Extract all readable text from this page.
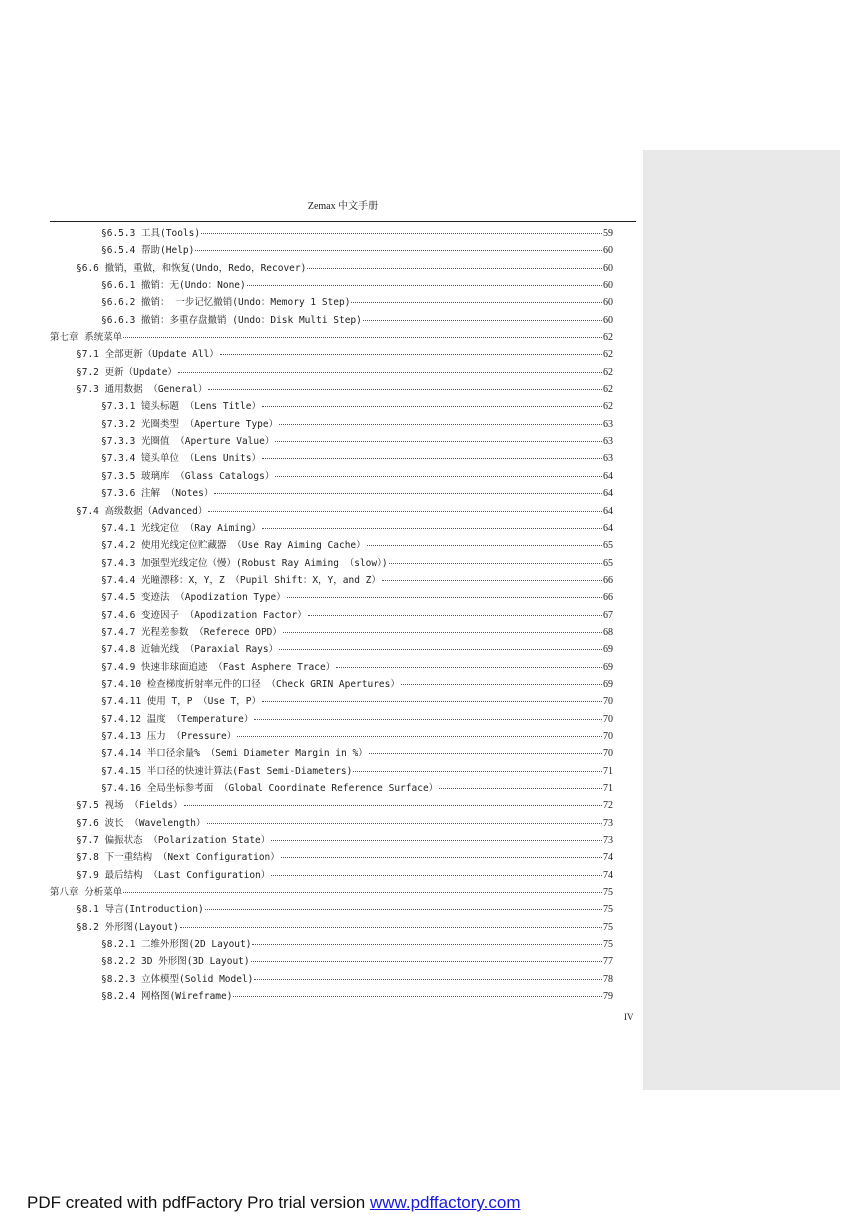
Zemax 中文手册
§6.5.3 工具(Tools)	59
§6.5.4 帮助(Help)	60
§6.6 撤销，重做，和恢复(Undo，Redo，Recover)	60
§6.6.1 撤销：无(Undo：None)	60
§6.6.2 撤销： 一步记忆撤销(Undo：Memory 1 Step)	60
§6.6.3 撤销：多重存盘撤销 (Undo：Disk Multi Step)	60
第七章 系统菜单	62
§7.1 全部更新（Update All）	62
§7.2 更新（Update）	62
§7.3 通用数据 （General）	62
§7.3.1 镜头标题 （Lens Title）	62
§7.3.2 光圈类型 （Aperture Type）	63
§7.3.3 光圈值 （Aperture Value）	63
§7.3.4 镜头单位 （Lens Units）	63
§7.3.5 玻璃库 （Glass Catalogs）	64
§7.3.6 注解 （Notes）	64
§7.4 高级数据（Advanced）	64
§7.4.1 光线定位 （Ray Aiming）	64
§7.4.2 使用光线定位贮藏器 （Use Ray Aiming Cache）	65
§7.4.3 加强型光线定位（慢）(Robust Ray Aiming （slow）)	65
§7.4.4 光瞳漂移：X，Y，Z （Pupil Shift：X，Y，and Z）	66
§7.4.5 变迹法 （Apodization Type）	66
§7.4.6 变迹因子 （Apodization Factor）	67
§7.4.7 光程差参数 （Referece OPD）	68
§7.4.8 近轴光线 （Paraxial Rays）	69
§7.4.9 快速非球面追迹 （Fast Asphere Trace）	69
§7.4.10 检查梯度折射率元件的口径 （Check GRIN Apertures）	69
§7.4.11 使用 T，P （Use T，P）	70
§7.4.12 温度 （Temperature）	70
§7.4.13 压力 （Pressure）	70
§7.4.14 半口径余量% （Semi Diameter Margin in %）	70
§7.4.15 半口径的快速计算法(Fast Semi-Diameters)	71
§7.4.16 全局坐标参考面 （Global Coordinate Reference Surface）	71
§7.5 视场 （Fields）	72
§7.6 波长 （Wavelength）	73
§7.7 偏振状态 （Polarization State）	73
§7.8 下一重结构 （Next Configuration）	74
§7.9 最后结构 （Last Configuration）	74
第八章 分析菜单	75
§8.1 导言(Introduction)	75
§8.2 外形图(Layout)	75
§8.2.1 二维外形图(2D Layout)	75
§8.2.2 3D 外形图(3D Layout)	77
§8.2.3 立体模型(Solid Model)	78
§8.2.4 网格图(Wireframe)	79
IV
PDF created with pdfFactory Pro trial version www.pdffactory.com
